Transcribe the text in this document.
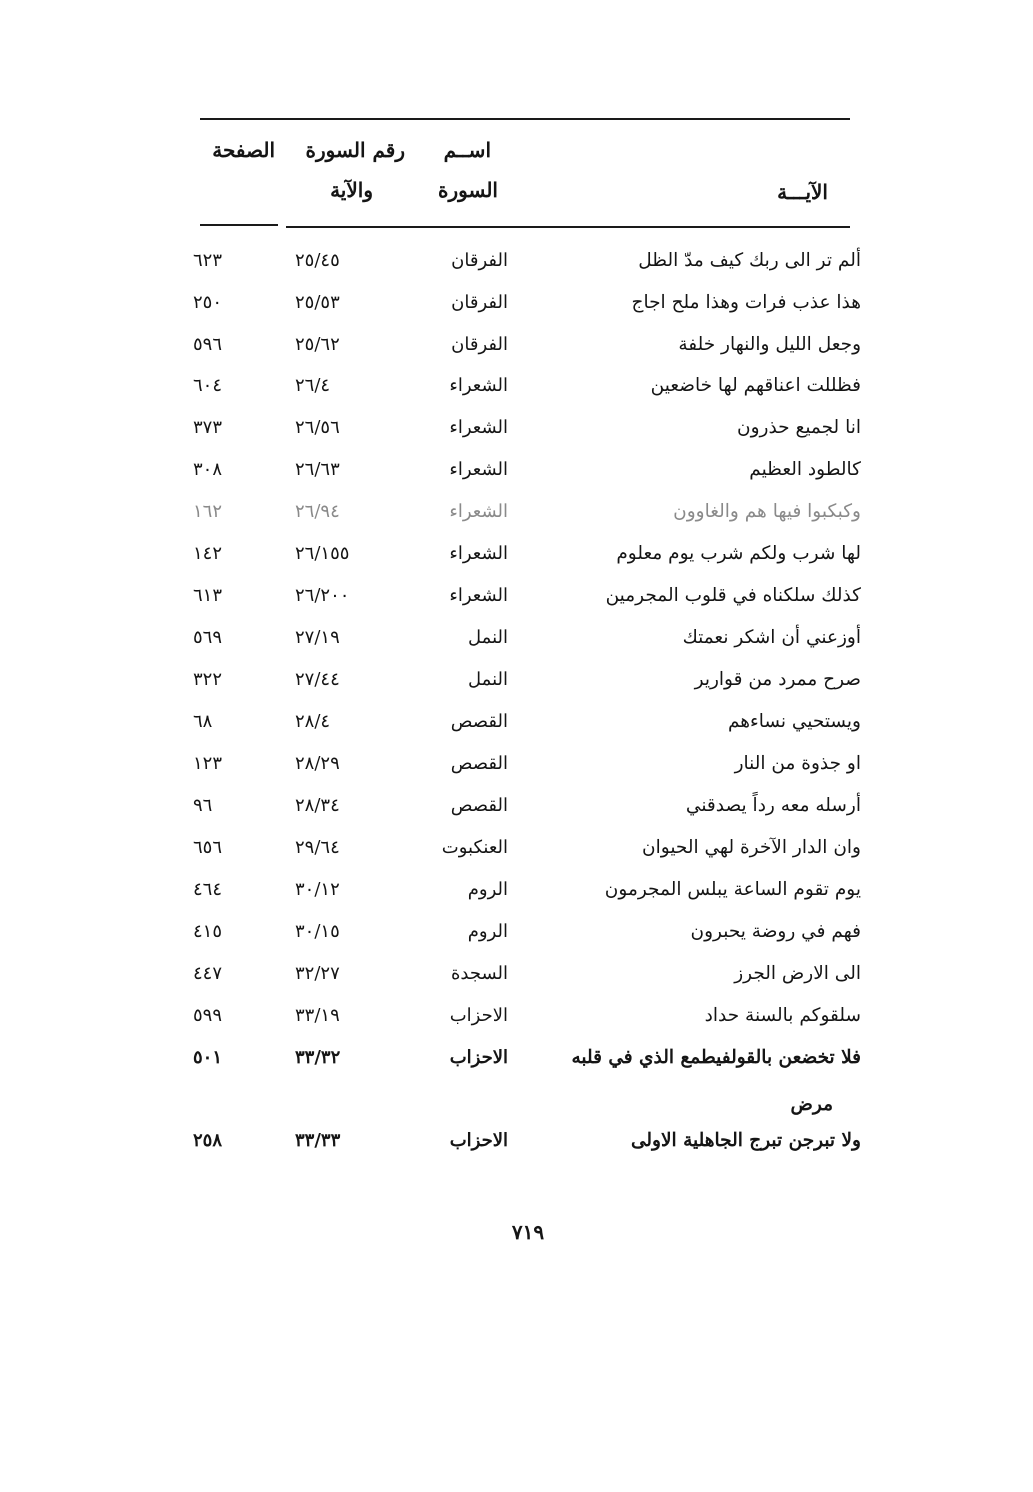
الصفحة رقم السورة
والآية
اســم
السورة	الآيـــة
ألم تر الى ربك كيف مدّ الظل
الفرقان
٢٥/٤٥
٦٢٣
هذا عذب فرات وهذا ملح اجاج
الفرقان
٢٥/٥٣
٢٥٠
وجعل الليل والنهار خلفة
الفرقان
٢٥/٦٢
٥٩٦
فظللت اعناقهم لها خاضعين
الشعراء
٢٦/٤
٦٠٤
انا لجميع حذرون
الشعراء
٢٦/٥٦
٣٧٣
كالطود العظيم
الشعراء
٢٦/٦٣
٣٠٨
وكبكبوا فيها هم والغاوون
الشعراء
٢٦/٩٤
١٦٢
لها شرب ولكم شرب يوم معلوم
الشعراء
٢٦/١٥٥
١٤٢
كذلك سلكناه في قلوب المجرمين
الشعراء
٢٦/٢٠٠
٦١٣
أوزعني أن اشكر نعمتك
النمل
٢٧/١٩
٥٦٩
صرح ممرد من قوارير
النمل
٢٧/٤٤
٣٢٢
ويستحيي نساءهم
القصص
٢٨/٤
٦٨
او جذوة من النار
القصص
٢٨/٢٩
١٢٣
أرسله معه رداً يصدقني
القصص
٢٨/٣٤
٩٦
وان الدار الآخرة لهي الحيوان
العنكبوت
٢٩/٦٤
٦٥٦
يوم تقوم الساعة يبلس المجرمون
الروم
٣٠/١٢
٤٦٤
فهم في روضة يحبرون
الروم
٣٠/١٥
٤١٥
الى الارض الجرز
السجدة
٣٢/٢٧
٤٤٧
سلقوكم بالسنة حداد
الاحزاب
٣٣/١٩
٥٩٩
فلا تخضعن بالقولفيطمع الذي في قلبه
الاحزاب
٣٣/٣٢
٥٠١
ولا تبرجن تبرج الجاهلية الاولى
الاحزاب
٣٣/٣٣
٢٥٨
مرض
٧١٩
